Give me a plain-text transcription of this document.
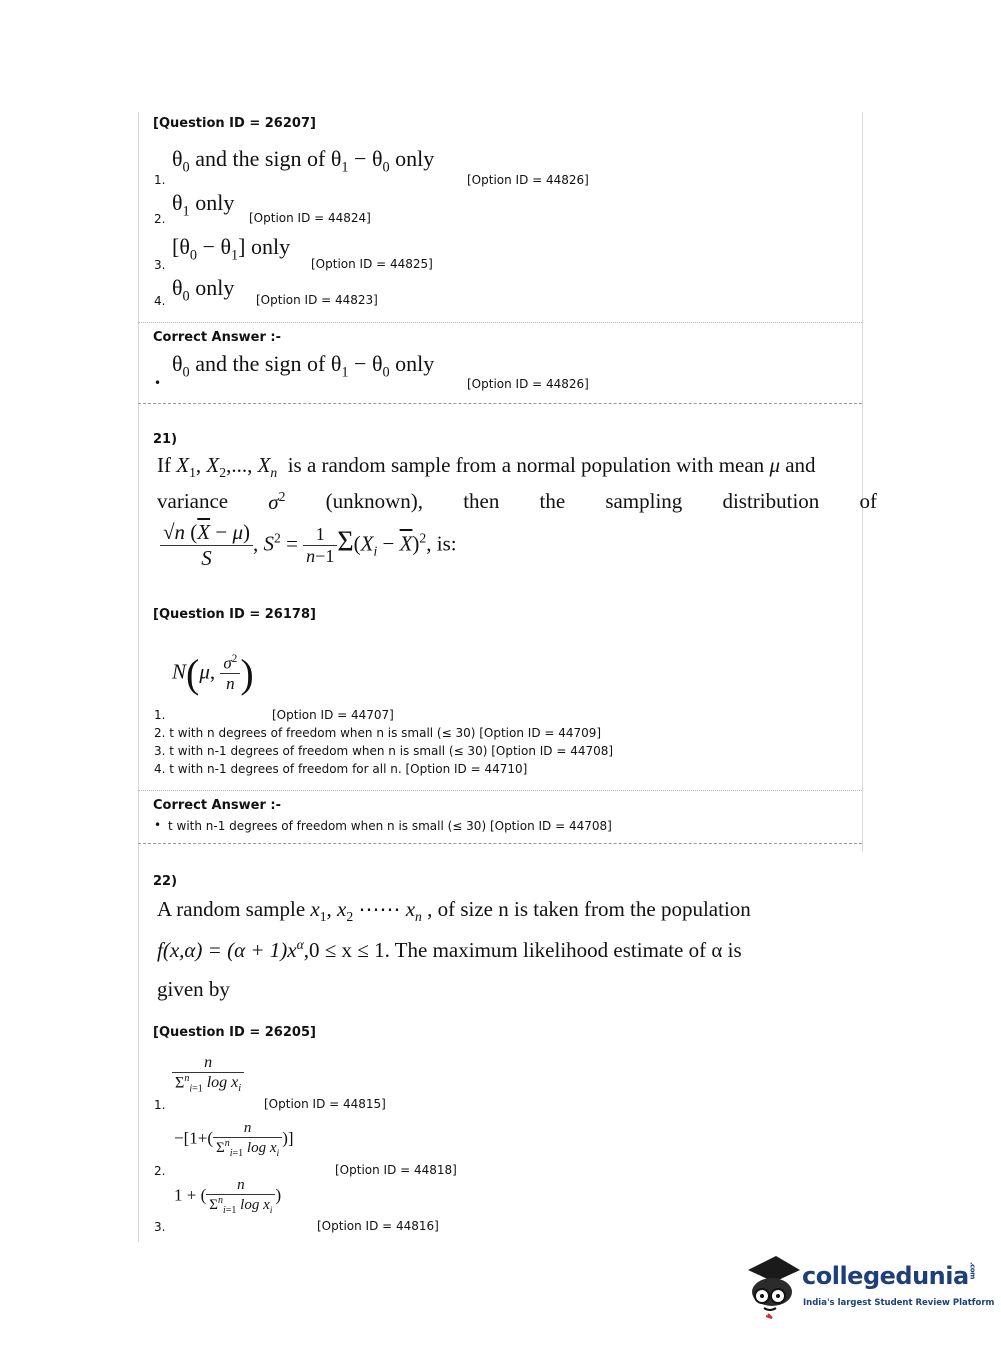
[Question ID = 26207]
$\theta_0$ and the sign of $\theta_1 - \theta_0$ only
1.	[Option ID = 44826]
$\theta_1$ only
2.	[Option ID = 44824]
$[\theta_0 - \theta_1]$ only
3.	[Option ID = 44825]
$\theta_0$ only
4.	[Option ID = 44823]
Correct Answer :-
$\theta_0$ and the sign of $\theta_1 - \theta_0$ only
•	[Option ID = 44826]
21)
If $X_1$, $X_2$,..., $X_n$  is a random sample from a normal population with mean μ and
variance $\sigma^2$ (unknown), then the sampling distribution of
$\frac{√n (\overline{X} - \mu)}{S}$ , $S^2 = \frac{1}{n-1} \Sigma(X_i - \overline{X})^2$, is:
[Question ID = 26178]
N(μ, $\frac{\sigma^2}{n}$ )
1.	[Option ID = 44707]
2. t with n degrees of freedom when n is small (≤ 30) [Option ID = 44709]
3. t with n-1 degrees of freedom when n is small (≤ 30) [Option ID = 44708]
4. t with n-1 degrees of freedom for all n. [Option ID = 44710]
Correct Answer :-
• t with n-1 degrees of freedom when n is small (≤ 30) [Option ID = 44708]
22)
A random sample $x_1$, $x_2$ ⋯⋯ $x_n$ , of size n is taken from the population
$f(x,\alpha) = (\alpha + 1)x^\alpha,0 \le x \le 1$. The maximum likelihood estimate of α is
given by
[Question ID = 26205]
$\frac{n}{\Sigma^n_{i=1} \log x_i}$
1.	[Option ID = 44815]
$-[1+( \frac{n}{\Sigma^n_{i=1} \log x_i}$ )]
2.	[Option ID = 44818]
1 + ( $\frac{n}{\Sigma^n_{i=1} \log x_i}$ )
3.	[Option ID = 44816]
collegedunia.com
India's largest Student Review Platform
